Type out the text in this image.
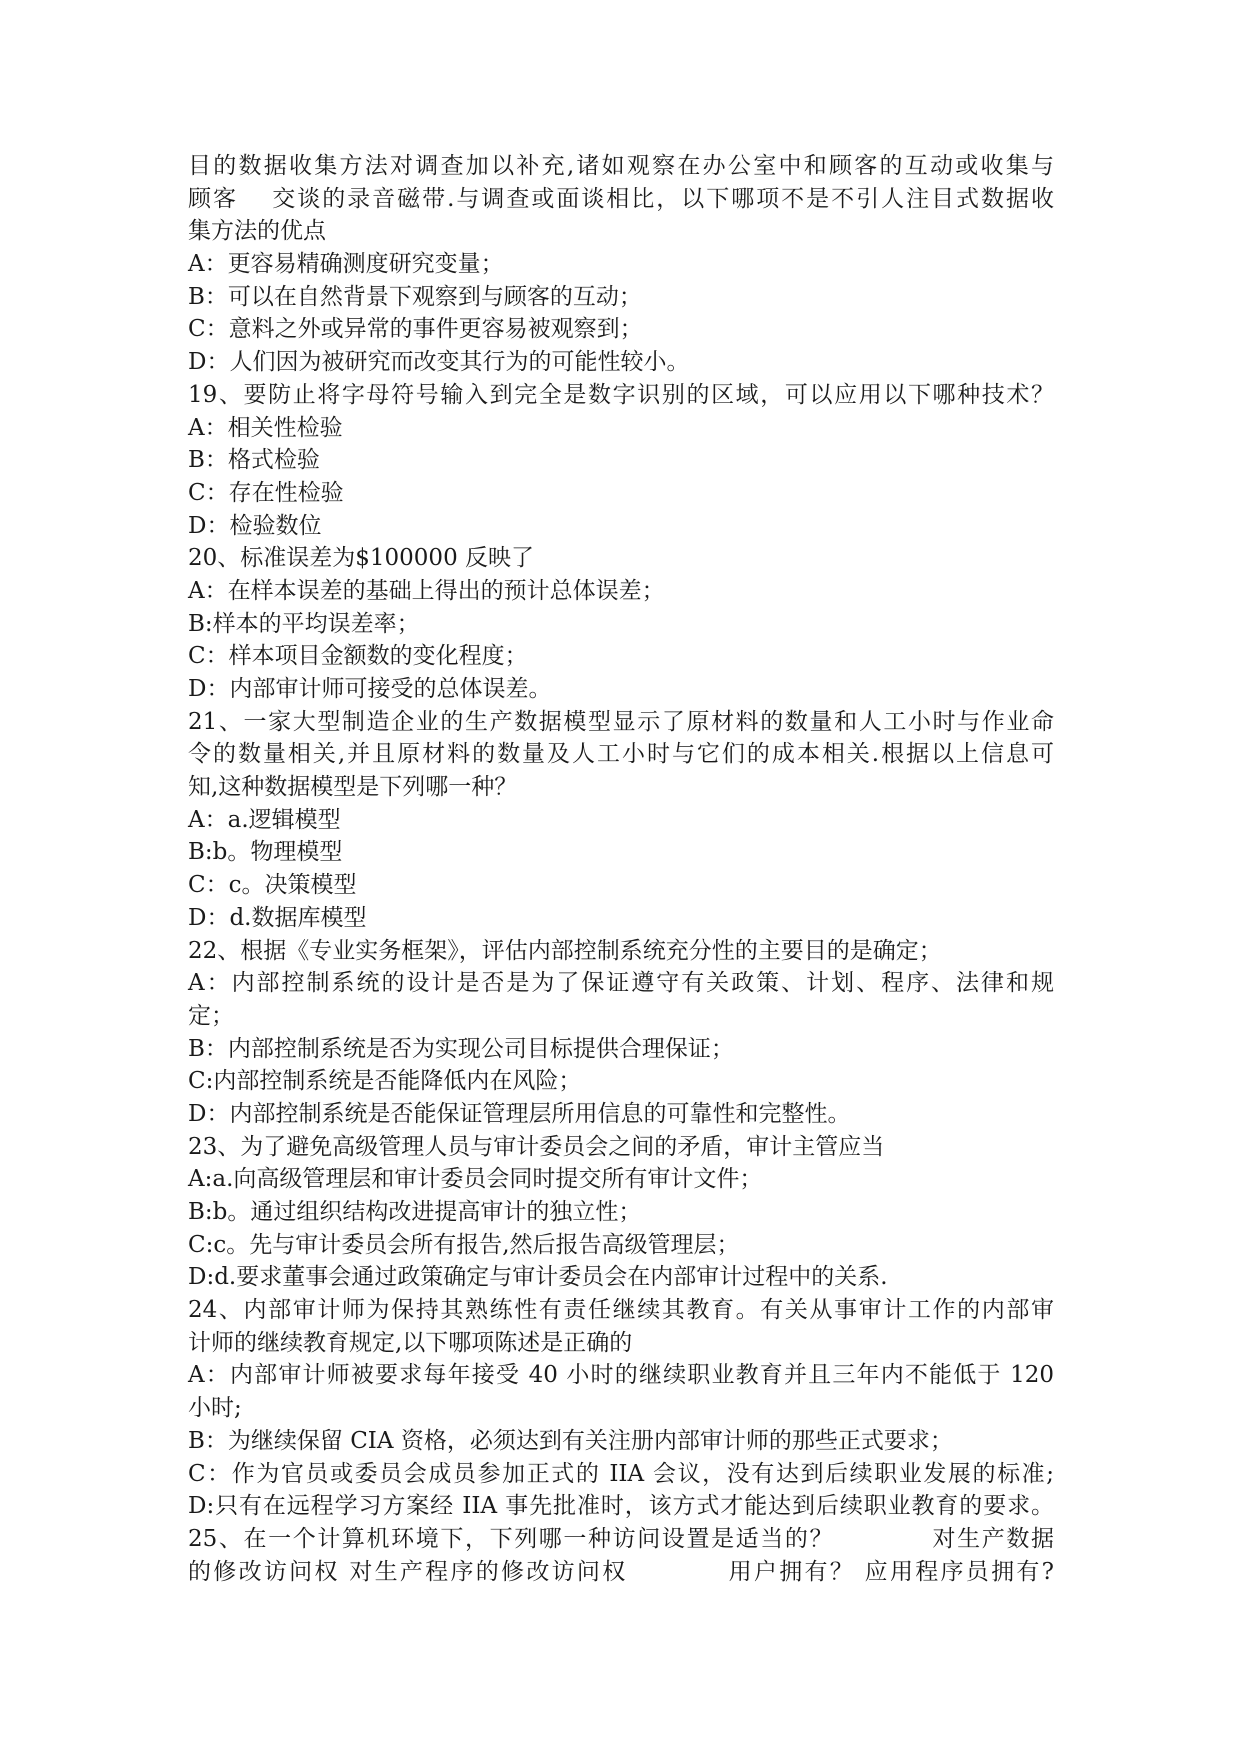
目的数据收集方法对调查加以补充,诸如观察在办公室中和顾客的互动或收集与
顾客　 交谈的录音磁带.与调查或面谈相比，以下哪项不是不引人注目式数据收
集方法的优点
A：更容易精确测度研究变量；
B：可以在自然背景下观察到与顾客的互动；
C：意料之外或异常的事件更容易被观察到；
D：人们因为被研究而改变其行为的可能性较小。
19、要防止将字母符号输入到完全是数字识别的区域，可以应用以下哪种技术？
A：相关性检验
B：格式检验
C：存在性检验
D：检验数位
20、标准误差为$100000 反映了
A：在样本误差的基础上得出的预计总体误差；
B:样本的平均误差率；
C：样本项目金额数的变化程度；
D：内部审计师可接受的总体误差。
21、一家大型制造企业的生产数据模型显示了原材料的数量和人工小时与作业命
令的数量相关,并且原材料的数量及人工小时与它们的成本相关.根据以上信息可
知,这种数据模型是下列哪一种？
A：a.逻辑模型
B:b。物理模型
C：c。决策模型
D：d.数据库模型
22、根据《专业实务框架》，评估内部控制系统充分性的主要目的是确定；
A：内部控制系统的设计是否是为了保证遵守有关政策、计划、程序、法律和规
定；
B：内部控制系统是否为实现公司目标提供合理保证；
C:内部控制系统是否能降低内在风险；
D：内部控制系统是否能保证管理层所用信息的可靠性和完整性。
23、为了避免高级管理人员与审计委员会之间的矛盾，审计主管应当
A:a.向高级管理层和审计委员会同时提交所有审计文件；
B:b。通过组织结构改进提高审计的独立性；
C:c。先与审计委员会所有报告,然后报告高级管理层；
D:d.要求董事会通过政策确定与审计委员会在内部审计过程中的关系.
24、内部审计师为保持其熟练性有责任继续其教育。有关从事审计工作的内部审
计师的继续教育规定,以下哪项陈述是正确的
A：内部审计师被要求每年接受 40 小时的继续职业教育并且三年内不能低于 120
小时;
B：为继续保留 CIA 资格，必须达到有关注册内部审计师的那些正式要求；
C：作为官员或委员会成员参加正式的 IIA 会议，没有达到后续职业发展的标准;
D:只有在远程学习方案经 IIA 事先批准时，该方式才能达到后续职业教育的要求。
25、在一个计算机环境下，下列哪一种访问设置是适当的？　　　　对生产数据
的修改访问权 对生产程序的修改访问权　　　　用户拥有？ 应用程序员拥有?
